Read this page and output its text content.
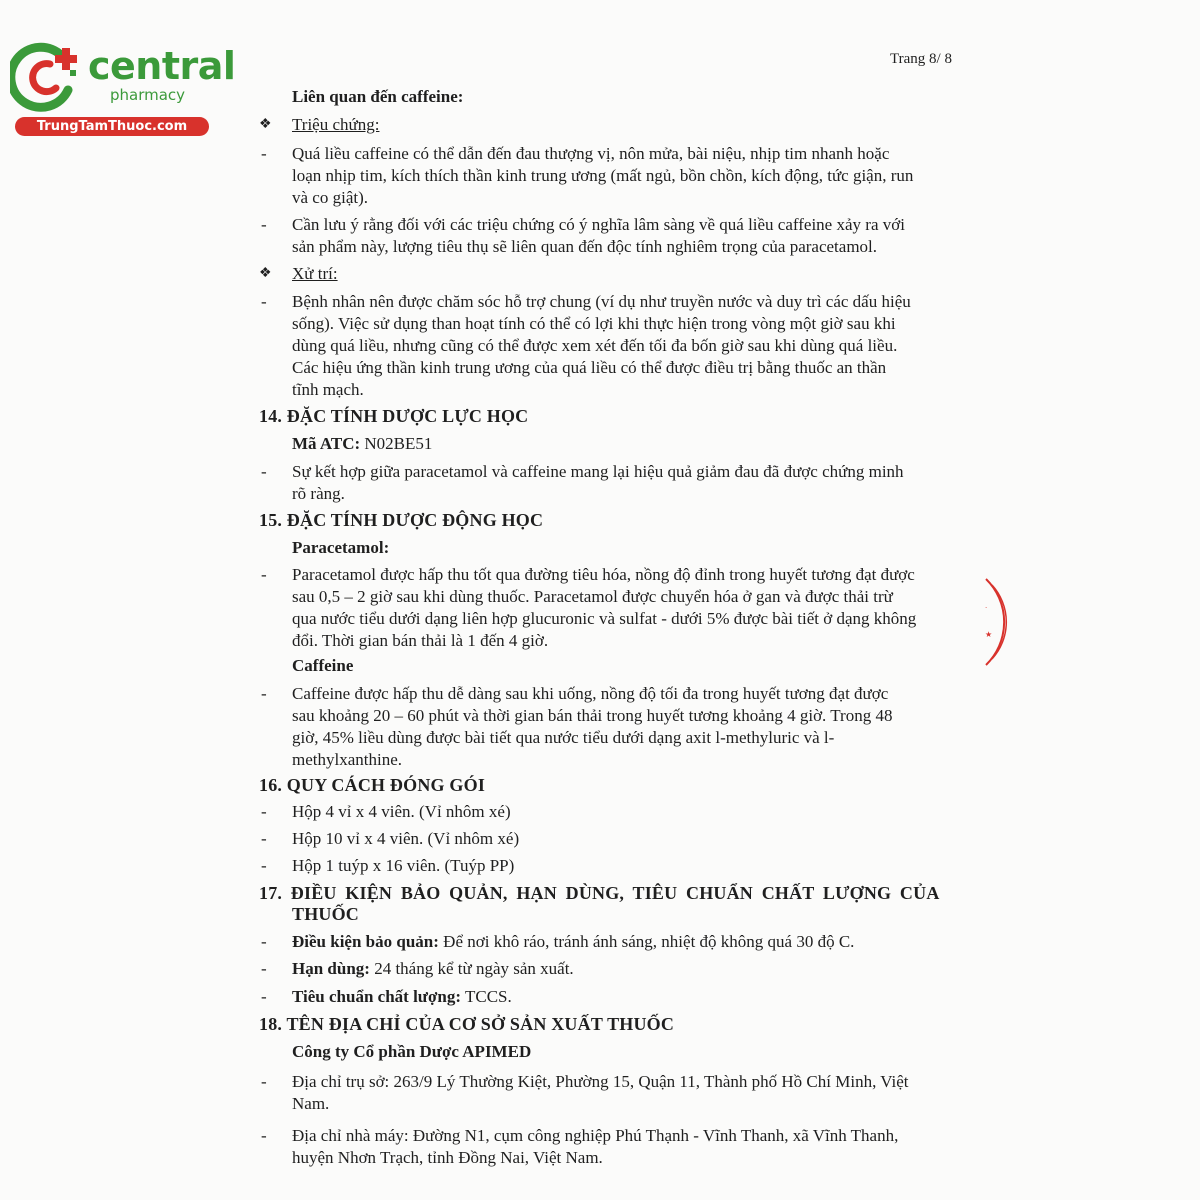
central
pharmacy
TrungTamThuoc.com
Trang 8/ 8
Liên quan đến caffeine:
❖ Triệu chứng:
- Quá liều caffeine có thể dẫn đến đau thượng vị, nôn mửa, bài niệu, nhịp tim nhanh hoặc
loạn nhịp tim, kích thích thần kinh trung ương (mất ngủ, bồn chồn, kích động, tức giận, run
và co giật).
- Cần lưu ý rằng đối với các triệu chứng có ý nghĩa lâm sàng về quá liều caffeine xảy ra với
sản phẩm này, lượng tiêu thụ sẽ liên quan đến độc tính nghiêm trọng của paracetamol.
❖ Xử trí:
- Bệnh nhân nên được chăm sóc hỗ trợ chung (ví dụ như truyền nước và duy trì các dấu hiệu
sống). Việc sử dụng than hoạt tính có thể có lợi khi thực hiện trong vòng một giờ sau khi
dùng quá liều, nhưng cũng có thể được xem xét đến tối đa bốn giờ sau khi dùng quá liều.
Các hiệu ứng thần kinh trung ương của quá liều có thể được điều trị bằng thuốc an thần
tĩnh mạch.
14. ĐẶC TÍNH DƯỢC LỰC HỌC
Mã ATC: N02BE51
- Sự kết hợp giữa paracetamol và caffeine mang lại hiệu quả giảm đau đã được chứng minh
rõ ràng.
15. ĐẶC TÍNH DƯỢC ĐỘNG HỌC
Paracetamol:
- Paracetamol được hấp thu tốt qua đường tiêu hóa, nồng độ đỉnh trong huyết tương đạt được
sau 0,5 – 2 giờ sau khi dùng thuốc. Paracetamol được chuyển hóa ở gan và được thải trừ
qua nước tiểu dưới dạng liên hợp glucuronic và sulfat - dưới 5% được bài tiết ở dạng không
đổi. Thời gian bán thải là 1 đến 4 giờ.
Caffeine
- Caffeine được hấp thu dễ dàng sau khi uống, nồng độ tối đa trong huyết tương đạt được
sau khoảng 20 – 60 phút và thời gian bán thải trong huyết tương khoảng 4 giờ. Trong 48
giờ, 45% liều dùng được bài tiết qua nước tiểu dưới dạng axit l-methyluric và l-
methylxanthine.
16. QUY CÁCH ĐÓNG GÓI
- Hộp 4 vỉ x 4 viên. (Vỉ nhôm xé)
- Hộp 10 vỉ x 4 viên. (Vỉ nhôm xé)
- Hộp 1 tuýp x 16 viên. (Tuýp PP)
17. ĐIỀU KIỆN BẢO QUẢN, HẠN DÙNG, TIÊU CHUẨN CHẤT LƯỢNG CỦA
THUỐC
- Điều kiện bảo quản: Để nơi khô ráo, tránh ánh sáng, nhiệt độ không quá 30 độ C.
- Hạn dùng: 24 tháng kể từ ngày sản xuất.
- Tiêu chuẩn chất lượng: TCCS.
18. TÊN ĐỊA CHỈ CỦA CƠ SỞ SẢN XUẤT THUỐC
Công ty Cổ phần Dược APIMED
- Địa chỉ trụ sở: 263/9 Lý Thường Kiệt, Phường 15, Quận 11, Thành phố Hồ Chí Minh, Việt
Nam.
- Địa chỉ nhà máy: Đường N1, cụm công nghiệp Phú Thạnh - Vĩnh Thanh, xã Vĩnh Thanh,
huyện Nhơn Trạch, tỉnh Đồng Nai, Việt Nam.
·
★
